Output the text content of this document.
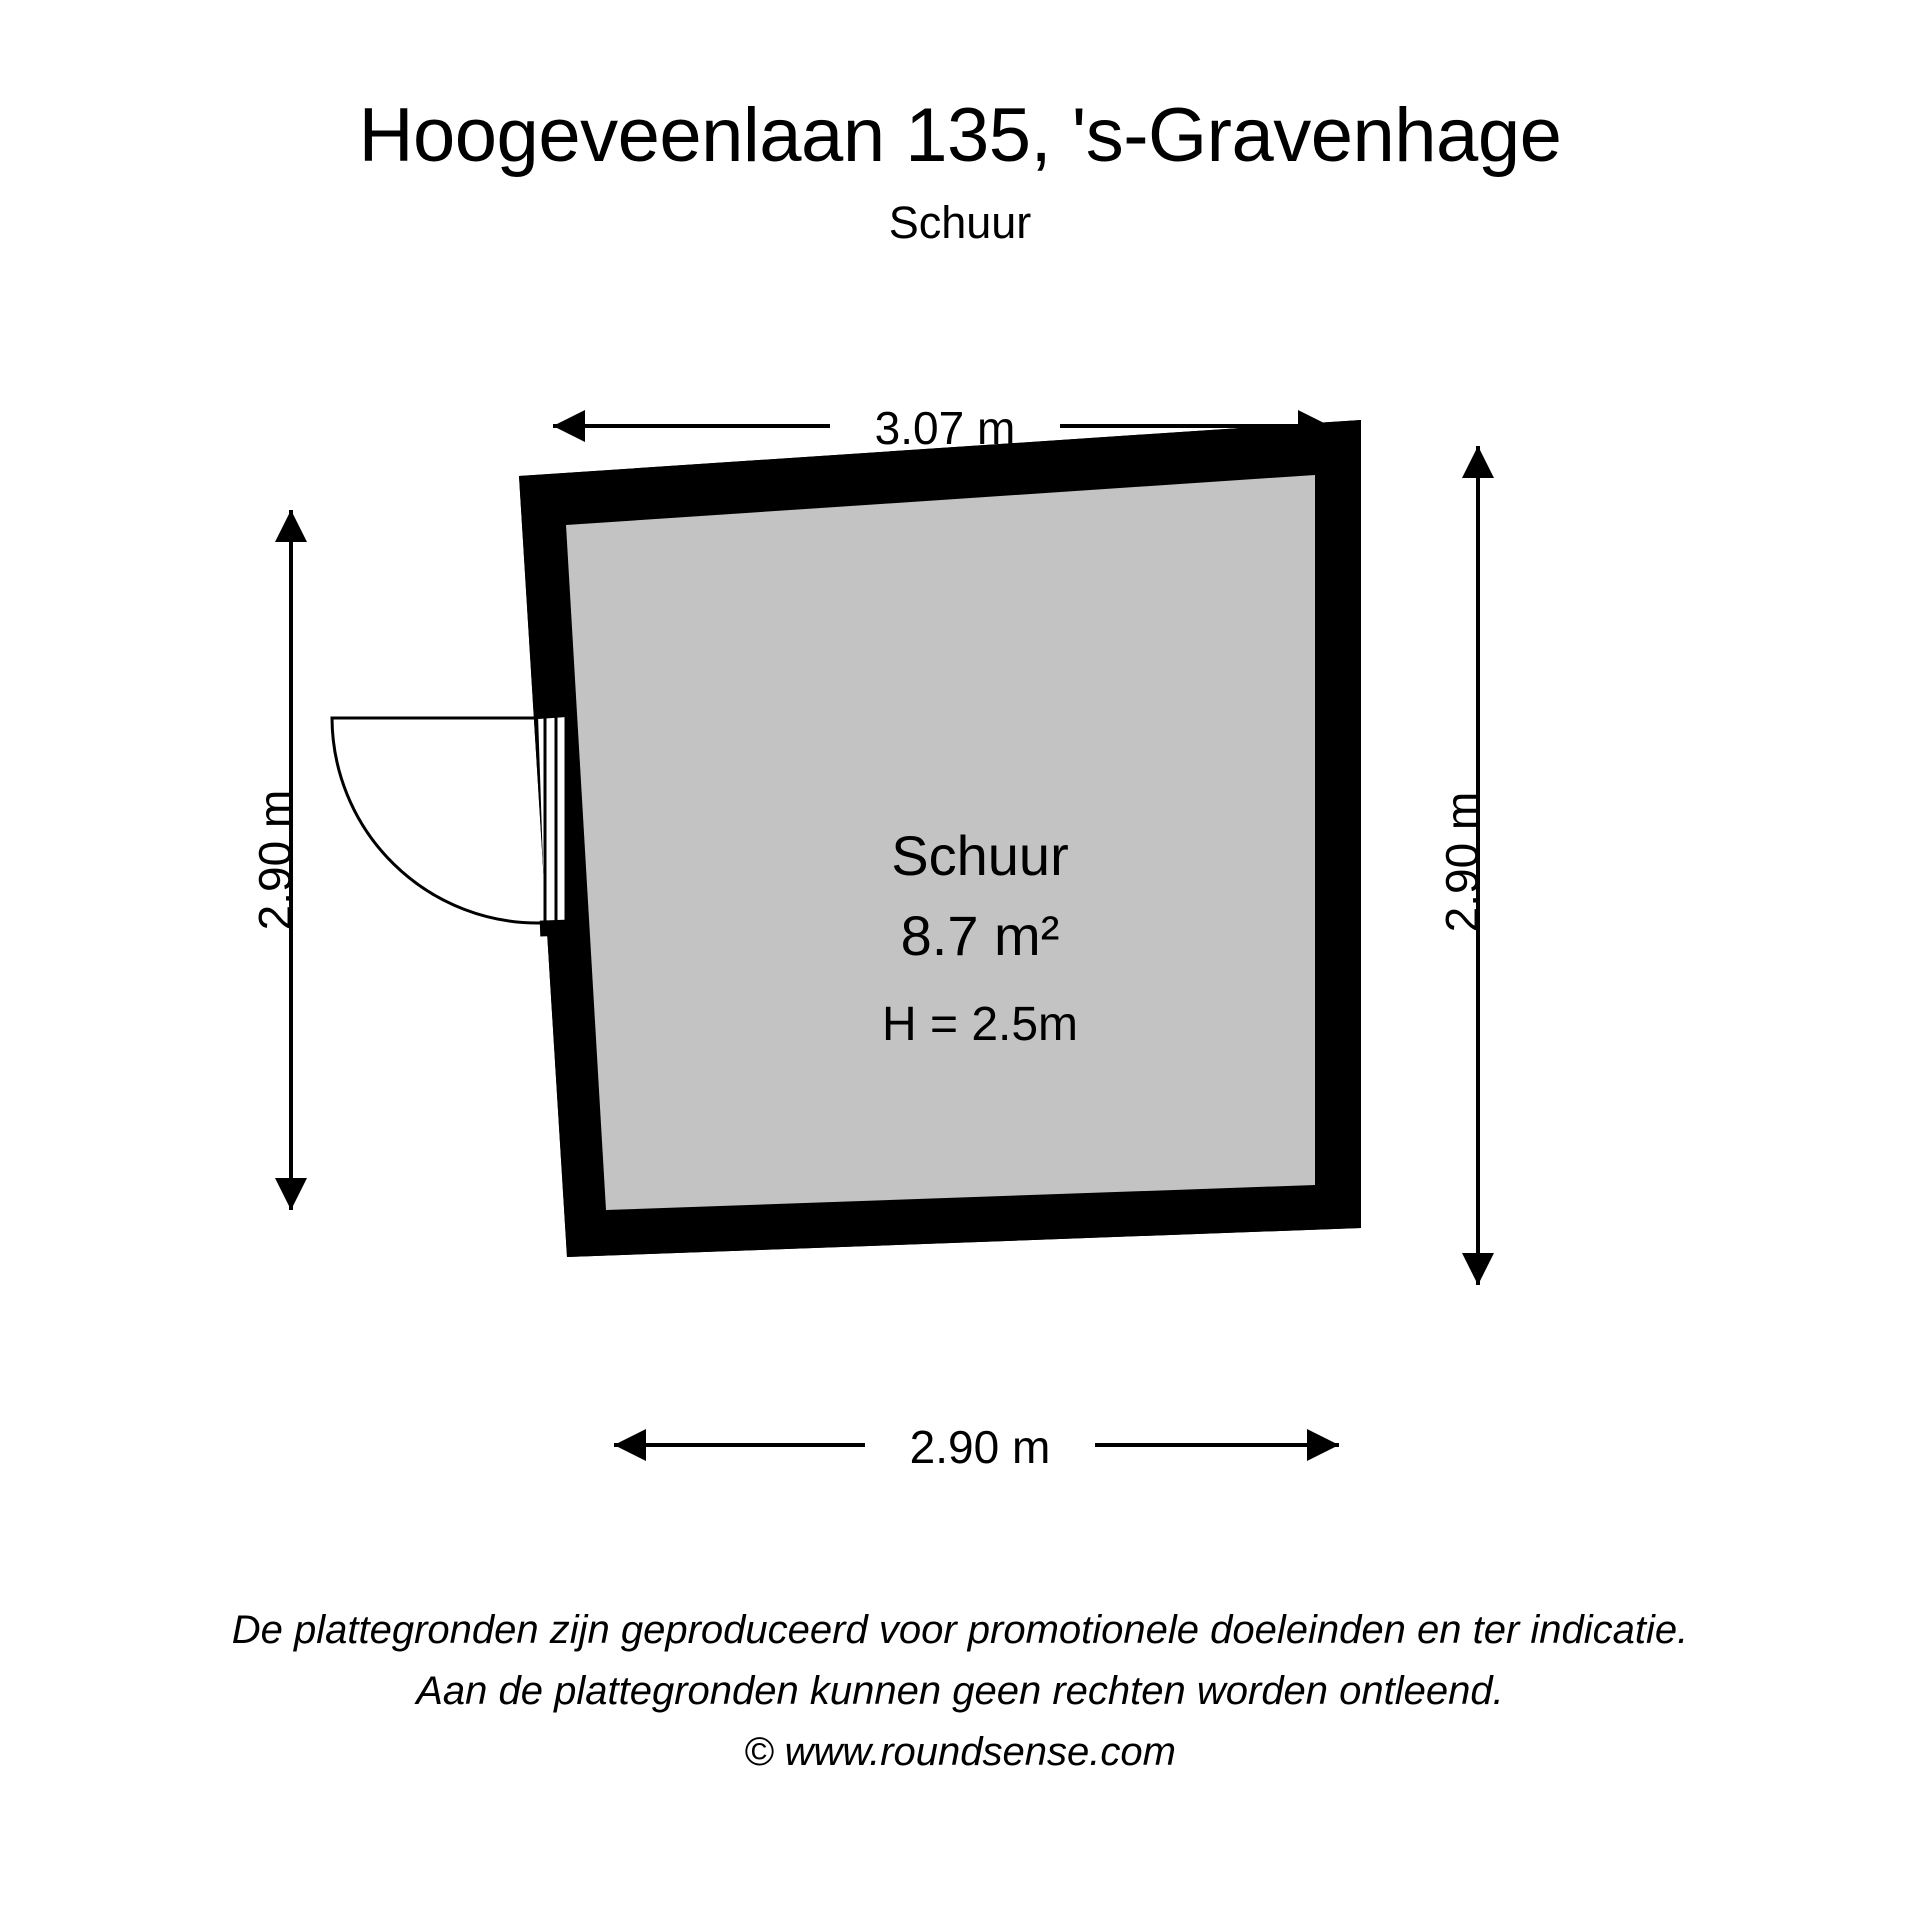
Hoogeveenlaan 135, 's-Gravenhage
Schuur
3.07 m
2.90 m	2.90 m
2.90 m
Schuur
8.7 m²
H = 2.5m
De plattegronden zijn geproduceerd voor promotionele doeleinden en ter indicatie.
Aan de plattegronden kunnen geen rechten worden ontleend.
© www.roundsense.com
